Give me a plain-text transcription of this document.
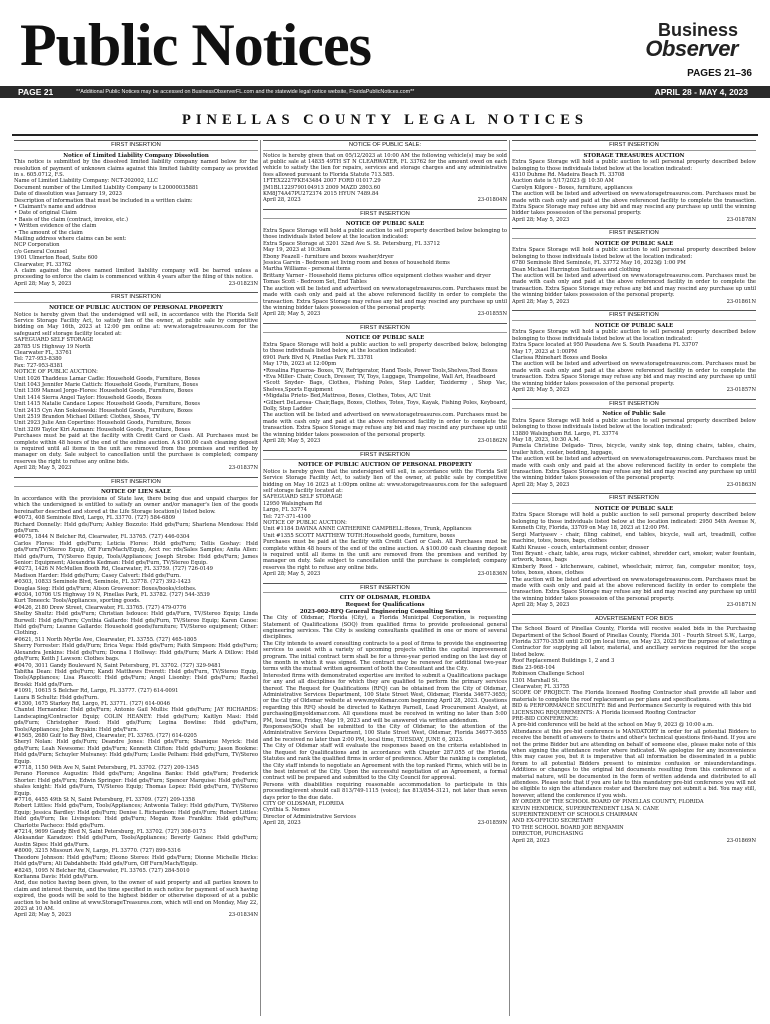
Public Notices	Business
Observer
PAGES 21–36
PAGE 21	**Additional Public Notices may be accessed on BusinessObserverFL.com and the statewide legal notice website, FloridaPublicNotices.com**	APRIL 28 - MAY 4, 2023
PINELLAS COUNTY LEGAL NOTICES
FIRST INSERTION
Notice of Limited Liability Company Dissolution
This notice is submitted by the dissolved limited liability company named below for the resolution of payment of unknown claims against this limited liability company as provided in s. 605.0712, F.S.
Name of Limited Liability Company: NCT-202002, LLC
Document number of the Limited Liability Company is L20000035881
Date of dissolution was January 19, 2023
Description of information that must be included in a written claim:
• Claimant's name and address
• Date of original Claim
• Basis of the claim (contract, invoice, etc.)
• Written evidence of the claim
• The amount of the claim
Mailing address where claims can be sent:
NCP Corporation
c/o General Counsel
1901 Ulmerton Road, Suite 600
Clearwater, FL 33762
A claim against the above named limited liability company will be barred unless a proceeding to enforce the claim is commenced within 4 years after the filing of this notice.
April 28; May 5, 2023	23-01823N
FIRST INSERTION
NOTICE OF PUBLIC AUCTION OF PERSONAL PROPERTY
Notice is hereby given that the undersigned will sell, in accordance with the Florida Self Service Storage Facility Act, to satisfy lien of the owner, at public sale by competitive bidding on May 16th, 2023 at 12:00 pm online at: www.storagetreasures.com for the safeguard self storage facility located at:
SAFEGUARD SELF STORAGE
28785 US Highway 19 North
Clearwater FL, 33761
Tel: 727-953-8380
Fax: 727-953-8381
NOTICE OF PUBLIC AUCTION:
Unit 1026 Thaddeus Lamar Cadle: Household Goods, Furniture, Boxes
Unit 1043 Jennifer Marie Cattich: Household Goods, Furniture, Boxes
Unit 1309 Manuel Jorge-Flores: Household Goods, Furniture, Boxes
Unit 1414 Sierra Angel Taylor: Household Goods, Boxes
Unit 1415 Natalie Candace Lopes: Household Goods, Furniture, Boxes
Unit 2415 Cyn Ann Sokolowski: Household Goods, Furniture, Boxes
Unit 2519 Brandon Michael Dillard: Clothes, Shoes, TV
Unit 2923 Julie Ann Copertino: Household Goods, Furniture, Boxes
Unit 3209 Taylor Kiri Aumann: Household Goods, Furniture, Boxes
Purchases must be paid at the facility with Credit Card or Cash. All Purchases must be complete within 48 hours of the end of the online auction. A $100.00 cash cleaning deposit is required until all items in the unit are removed from the premises and verified by manager on duty. Sale subject to cancellation until the purchase is completed; company reserves the right to refuse any online bids.
April 28; May 5, 2023	23-01837N
FIRST INSERTION
NOTICE OF LIEN SALE
In accordance with the provisions of State law, there being due and unpaid charges for which the undersigned is entitled to satisfy an owner and/or manager's lien of the goods hereinafter described and stored at the Life Storage location(s) listed below.
#0073, 408 Seminole Blvd, Largo, FL 33770. (727) 584-6809
Richard Donnelly: Hsld gds/Furn; Ashley Bozzuto: Hsld gds/Furn; Sharlena Mendosa: Hsld gds/Furn.
#0075, 1844 N Belcher Rd, Clearwater, FL 33765. (727) 446-0304
Carlos Flores: Hsld gds/Furn; Leticia Flores: Hsld gds/Furn; Tellis Goshay: Hsld gds/Furn/TV/Stereo Equip, Off Furn/Mach/Equip, Acct rec rds/Sales Samples; Anita Allen: Hsld gds/Furn, TV/Stereo Equip, Tools/Appliances; Joseph Strobe: Hsld gds/Furn; James Senior: Equipment; Alexandria Kedman: Hsld gds/Furn, TV/Stereo Equip.
#0273, 1426 N McMullen Booth Rd, Clearwater, FL 33759. (727) 726-0149
Madison Harder: Hsld gds/Furn; Casey Calvert: Hsld gds/Furn.
#0303, 10833 Seminole Blvd, Seminole, FL 33778. (727) 392-1423
Douglas Sieg: Hsld gds/Furn; Alison Grosvenor: Boxes/books/clothes.
#0304, 10706 US Highway 19 N, Pinellas Park, FL 33782. (727) 544-3539
Kurt Toneeck: Tools/Appliances, sporting goods.
#0426, 2180 Drew Street, Clearwater, FL 33765. (727) 479-0776
Shelby Shultz: Hsld gds/Furn; Christian Isdouce: Hsld gds/Furn, TV/Stereo Equip; Linda Burwell: Hsld gds/Furn; Cynthia Gallardo: Hsld gds/Furn, TV/Stereo Equip; Karen Canoe: Hsld gds/Furn; Leanne Gallardo: Household goods/furniture; TV/Stereo equipment; Other: Clothing.
#0621, 511 North Myrtle Ave, Clearwater, FL 33755. (727) 465-1805
Sherry Forrester: Hsld gds/Furn; Erica Vega: Hsld gds/Furn; Faith Simpson: Hsld gds/Furn; Alexandra Jenkins: Hsld gds/Furn; Donna I Hollway: Hsld gds/Furn; Mark A Dillow: Hsld gds/Furn; Keith J Lawson: Clothes bags.
#0470, 3011 Gandy Boulevard N, Saint Petersburg, FL 33702. (727) 329-9481
Tabitha Dean: Hsld gds/Furn; Kandi Matthews Everett: Hsld gds/Furn, TV/Stereo Equip, Tools/Appliances; Lisa Plascott: Hsld gds/Furn; Angel Lisonby: Hsld gds/Furn; Rachel Broski: Hsld gds/Furn.
#1091, 10615 S Belcher Rd, Largo, FL 33777. (727) 614-0091
Laura B Schultz: Hsld gds/Furn.
#1300, 1675 Starkey Rd, Largo, FL 33771. (727) 614-0046
Chantel Hernandez: Hsld gds/Furn; Antonio Gail Mullis: Hsld gds/Furn; JAY RICHARDS: Landscaping/Contractor Equip; COLIN HEANEY: Hsld gds/Furn; Kaitlyn Masi: Hsld gds/Furn; Christopher Reed: Hsld gds/Furn; Legina Bowline: Hsld gds/Furn, Tools/Appliances; John Bryakin: Hsld gds/Furn.
#1565, 2680 Gulf to Bay Blvd, Clearwater, FL 33765. (727) 614-0205
Sheryl Nolan: Hsld gds/Furn; Deandre Jones: Hsld gds/Furn; Shanique Myrick: Hsld gds/Furn; Leah Newsome: Hsld gds/Furn; Kenneth Clifton: Hsld gds/Furn; Jason Bookme: Hsld gds/Furn; Schuyler Mulvaney: Hsld gds/Furn; Leslie Pelham: Hsld gds/Furn, TV/Stereo Equip.
#7718, 1150 94th Ave N, Saint Petersburg, FL 33702. (727) 209-1345
Perano Florence Augustin: Hsld gds/Furn; Angelina Banks: Hsld gds/Furn; Frederick Shorter: Hsld gds/Furn; Edwin Springer: Hsld gds/Furn; Spencer Marquise: Hsld gds/Furn; shales knight: Hsld gds/Furn, TV/Stereo Equip; Thomas Lopez: Hsld gds/Furn, TV/Stereo Equip.
#7716, 4455 49th St N, Saint Petersburg, FL 33709. (727) 209-1358
Robert Littles: Hsld gds/Furn, Tools/Appliances; Antwonia Tailey: Hsld gds/Furn, TV/Stereo Equip; Jessica Bardley: Hsld gds/Furn; Denise L Richardson: Hsld gds/Furn; Robert Littles: Hsld gds/Furn; Ike Livingston: Hsld gds/Furn; Megan Rose Franklin: Hsld gds/Furn; Charlotte Pacheco: Hsld gds/Furn.
#7214, 9699 Gandy Blvd N, Saint Petersburg, FL 33702. (727) 308-0173
Aleksandar Karadzov: Hsld gds/Furn, Tools/Appliances; Beverly Gaines: Hsld gds/Furn; Austin Sipes: Hsld gds/Furn.
#8000, 3215 Missouri Ave N, Largo, FL 33770. (727) 899-5316
Theodore Johnson: Hsld gds/Furn; Eleono Stereo: Hsld gds/Furn; Dionne Michelle Hicks: Hsld gds/Furn; Ali Dabdahbeth: Hsld gds/Furn, Off Furn/Mach/Equip.
#8245, 1095 N Belcher Rd, Clearwater, FL 33765. (727) 284-5010
Korlianna Davis: Hsld gds/Furn.
And, due notice having been given, to the owner of said property and all parties known to claim and interest therein, and the time specified in such notice for payment of such having expired, the goods will be sold to the highest bidder or otherwise disposed of at a public auction to be held online at www.StorageTreasures.com, which will end on Monday, May 22, 2023 at 10 AM.
April 28; May 5, 2023	23-01834N
NOTICE OF PUBLIC SALE:
Notice is hereby given that on 05/12/2023 at 10:00 AM the following vehicle(s) may be sold at public sale at 14835 49TH ST N CLEARWATER, FL 33762 for the amount owed on each vehicle to satisfy the lien for repairs, services and storage charges and any administrative fees allowed pursuant to Florida Statute 713.585.
1FTEX2227FKE43484 2007 FORD 01017.29
JM1BL1229790104913 2009 MAZD 2803.60
KM8J74A47PU272374 2015 HYUN 7489.84
April 28, 2023	23-01804N
FIRST INSERTION
NOTICE OF PUBLIC SALE
Extra Space Storage will hold a public auction to sell property described below belonging to those individuals listed below at the location indicated:
Extra Space Storage at 3201 32nd Ave S. St. Petersburg, FL 33712
May 19, 2023 at 10:30am
Ebony Feazell - furniture and boxes washer/dryer
Jessica Garvin - Bedroom set living room and boxes of household items
Martha Williams - personal items
Brittany Varner - Household items pictures office equipment clothes washer and dryer
Tomas Scott - Bedroom Set, End Tables
The auction will be listed and advertised on www.storagetreasures.com. Purchases must be made with cash only and paid at the above referenced facility in order to complete the transaction. Extra Space Storage may refuse any bid and may rescind any purchase up until the winning bidder takes possession of the personal property.
April 28; May 5, 2023	23-01855N
FIRST INSERTION
NOTICE OF PUBLIC SALE
Extra Space Storage will hold a public auction to sell property described below, belonging to those individuals listed below, at the location indicated:
6901 Park Blvd N, Pinellas Park FL 33781
May 17th, 2023 at 12:00pm
•Rosalina Figueroa- Boxes, TV, Refrigerator, Hand Tools, Power Tools,Shelves,Tool Boxes
•Eva Miller- Chair, Couch, Dresser, TV, Toys, Luggage, Trampoline, Wall Art, Headboard
•Scott Snyder- Bags, Clothes, Fishing Poles, Step Ladder, Taxidermy , Shop Vac, Shelves,Sports Equipment
•Migdalia Prieto- Bed,Mattress, Boxes, Clothes, Totes, A/C Unit
•Gilbert DeLarosa- Chair,Bags, Boxes, Clothes, Totes, Toys, Kayak, Fishing Poles, Keyboard, Dolly, Step Ladder
The auction will be listed and advertised on www.storagetreasures.com. Purchases must be made with cash only and paid at the above referenced facility in order to complete the transaction. Extra Space Storage may refuse any bid and may rescind any purchase up until the winning bidder takes possession of the personal property.
April 28; May 5, 2023	23-01862N
FIRST INSERTION
NOTICE OF PUBLIC AUCTION OF PERSONAL PROPERTY
Notice is hereby given that the undersigned will sell, in accordance with the Florida Self Service Storage Facility Act, to satisfy lien of the owner, at public sale by competitive bidding on May 16 2023 at 1:00pm online at: www.storagetreasures.com for the safeguard self storage facility located at:
SAFEGUARD SELF STORAGE
12950 Walsingham Rd
Largo, FL 33774
Tel: 727-371-4100
NOTICE OF PUBLIC AUCTION:
Unit #1184 DAVINA ANNE CATHERINE CAMPBELL:Boxes, Trunk, Appliances
Unit #1355 SCOTT MATTHEW TOTH:Household goods, furniture, boxes
Purchases must be paid at the facility with Credit Card or Cash. All Purchases must be complete within 48 hours of the end of the online auction. A $100.00 cash cleaning deposit is required until all items in the unit are removed from the premises and verified by manager on duty. Sale subject to cancellation until the purchase is completed; company reserves the right to refuse any online bids.
April 28; May 5, 2023	23-01836N
FIRST INSERTION
CITY OF OLDSMAR, FLORIDA
Request for Qualifications
2023-002-RFQ General Engineering Consulting Services
The City of Oldsmar, Florida (City), a Florida Municipal Corporation, is requesting Statement of Qualifications (SOQ) from qualified firms to provide professional general engineering services. The City is seeking consultants qualified in one or more of several disciplines.
The City intends to award consulting contracts to a pool of firms to provide the engineering services to assist with a variety of upcoming projects within the capital improvement program. The initial contract term shall be for a three-year period ending on the last day of the month in which it was signed. The contract may be renewed for additional two-year terms with the mutual written agreement of both the Consultant and the City.
Interested firms with demonstrated expertise are invited to submit a Qualifications package for any and all disciplines for which they are qualified to perform the primary services thereof. The Request for Qualifications (RFQ) can be obtained from the City of Oldsmar, Administrative Services Department, 100 State Street West, Oldsmar, Florida 34677-3655; or the City of Oldsmar website at www.myoldsmar.com beginning April 28, 2023. Questions regarding this RFQ should be directed to Kathryn Parnell, Lead Procurement Analyst, at purchasing@myoldsmar.com. All questions must be received in writing no later than 5:00 PM, local time, Friday, May 19, 2023 and will be answered via written addendum.
Responses/SOQs shall be submitted to the City of Oldsmar, to the attention of the Administrative Services Department, 100 State Street West, Oldsmar, Florida 34677-3655 and be received no later than 2:00 PM, local time, TUESDAY, JUNE 6, 2023.
The City of Oldsmar staff will evaluate the responses based on the criteria established in the Request for Qualifications and in accordance with Chapter 287.055 of the Florida Statutes and rank the qualified firms in order of preference. After the ranking is completed, the City staff intends to negotiate an Agreement with the top ranked Firms, which will be in the best interest of the City. Upon the successful negotiation of an Agreement, a formal contract will be prepared and submitted to the City Council for approval.
Persons with disabilities requiring reasonable accommodation to participate in this proceeding/event should call 813/749-1115 (voice); fax 813/854-3121, not later than seven days prior to the due date.
CITY OF OLDSMAR, FLORIDA
Cynthia S. Nemes
Director of Administrative Services
April 28, 2023	23-01859N
FIRST INSERTION
STORAGE TREASURES AUCTION
Extra Space Storage will hold a public auction to sell personal property described below belonging to those individuals listed below at the location indicated:
4310 Duhme Rd. Madeira Beach Fl. 33708
Auction date is 5/17/2023 @ 10:30 AM
Carolyn Kilgore - Boxes, furniture, appliances
The auction will be listed and advertised on www.storagetreasures.com. Purchases must be made with cash only and paid at the above referenced facility to complete the transaction. Extra Space Storage may refuse any bid and may rescind any purchase up until the winning bidder takes possession of the personal property.
April 28; May 5, 2023	23-01878N
FIRST INSERTION
NOTICE OF PUBLIC SALE
Extra Space Storage will hold a public auction to sell personal property described below belonging to those individuals listed below at the location indicated:
6780 Seminole Blvd Seminole, FL 33772 May 16, 2023@ 1:00 PM
Dean Michael Harrington Suitcases and clothing
The auction will be listed and advertised on www.storagetreasures.com. Purchases must be made with cash only and paid at the above referenced facility in order to complete the transaction. Extra Space Storage may refuse any bid and may rescind any purchase up until the winning bidder takes possession of the personal property.
April 28; May 5, 2023	23-01861N
FIRST INSERTION
NOTICE OF PUBLIC SALE
Extra Space Storage will hold a public auction to sell personal property described below belonging to those individuals listed below at the location indicated:
Extra Space located at 950 Pasadena Ave S. South Pasadena FL 33707
May 17, 2023 at 1:00PM
Clarissa Rhinehart Boxes and Books
The auction will be listed and advertised on www.storagetreasures.com. Purchases must be made with cash only and paid at the above referenced facility in order to complete the transaction. Extra Space Storage may refuse any bid and may rescind any purchase up until the winning bidder takes possession of the personal property.
April 28; May 5, 2023	23-01857N
FIRST INSERTION
Notice of Public Sale
Extra Space Storage will hold a public auction to sell personal property described below belonging to those individuals listed below at the location indicated:
13880 Walsingham Rd. Largo, FL 33774
May 18, 2023, 10:30 A.M.
Pamela Christine Delgado- Tires, bicycle, vanity sink top, dining chairs, tables, chairs, trailer hitch, cooler, bedding, luggage,
The auction will be listed and advertised on www.storagetreasures.com. Purchases must be made with cash only and paid at the above referenced facility in order to complete the transaction. Extra Space Storage may refuse any bid and may rescind any purchase up until the winning bidder takes possession of the personal property.
April 28; May 5, 2023	23-01863N
FIRST INSERTION
NOTICE OF PUBLIC SALE
Extra Space Storage will hold a public auction to sell personal property described below belonging to those individuals listed below at the location indicated: 2950 54th Avenue N, Kenneth City, Florida, 33709 on May 18, 2023 at 12:00 PM.
Sergi Mariyasev - chair, filing cabinet, end tables, bicycle, wall art, treadmill, coffee machine, totes, boxes, bags, clothes
Kathi Krause - couch, entertainment center, dresser
Toni Bryant - chair, table, area rugs, wicker cabinet, shredder cart, smoker, water fountain, artwork, boxes, bags
Kimberly Reed - kitchenware, cabinet, wheelchair, mirror, fan, computer monitor, toys, totes, boxes, shoes, clothes
The auction will be listed and advertised on www.storagetreasures.com. Purchases must be made with cash only and paid at the above referenced facility in order to complete the transaction. Extra Space Storage may refuse any bid and may rescind any purchase up until the winning bidder takes possession of the personal property.
April 28; May 5, 2023	23-01871N
ADVERTISEMENT FOR BIDS
The School Board of Pinellas County, Florida will receive sealed bids in the Purchasing Department of the School Board of Pinellas County, Florida 301 - Fourth Street S.W., Largo, Florida 33770-3536 until 2:00 pm local time, on May 23, 2023 for the purpose of selecting a Contractor for supplying all labor, material, and ancillary services required for the scope listed below.
Roof Replacement Buildings 1, 2 and 3
Bids 23-968-104
Robinson Challenge School
1301 Marshall St.
Clearwater, FL 33755
SCOPE OF PROJECT: The Florida licensed Roofing Contractor shall provide all labor and materials to complete the roof replacement as per plans and specifications.
BID & PERFORMANCE SECURITY: Bid and Performance Security is required with this bid
LICENSING REQUIREMENTS: A Florida licensed Roofing Contractor
PRE-BID CONFERENCE:
A pre-bid conference will be held at the school on May 9, 2023 @ 10:00 a.m.
Attendance at this pre-bid conference is MANDATORY in order for all potential Bidders to receive the benefit of answers to theirs and other's technical questions first-hand. If you are not the prime Bidder but are attending on behalf of someone else, please make note of this when signing the attendance roster where indicated. We apologize for any inconvenience this may cause you, but it is imperative that all information be disseminated in a public forum to all potential Bidders present to minimize confusion or misunderstandings. Additions or changes to the original bid documents resulting from this conference of a material nature, will be documented in the form of written addenda and distributed to all attendees. Please note that if you are late to this mandatory pre-bid conference you will not be eligible to sign the attendance roster and therefore may not submit a bid. You may still, however, attend the conference if you wish.
BY ORDER OF THE SCHOOL BOARD OF PINELLAS COUNTY, FLORIDA
KEVIN HENDRICK, SUPERINTENDENT LISA N. CANE
SUPERINTENDENT OF SCHOOLS CHAIRMAN
AND EX-OFFICIO SECRETARY
TO THE SCHOOL BOARD JOE BENJAMIN
DIRECTOR, PURCHASING
April 28, 2023	23-01869N
